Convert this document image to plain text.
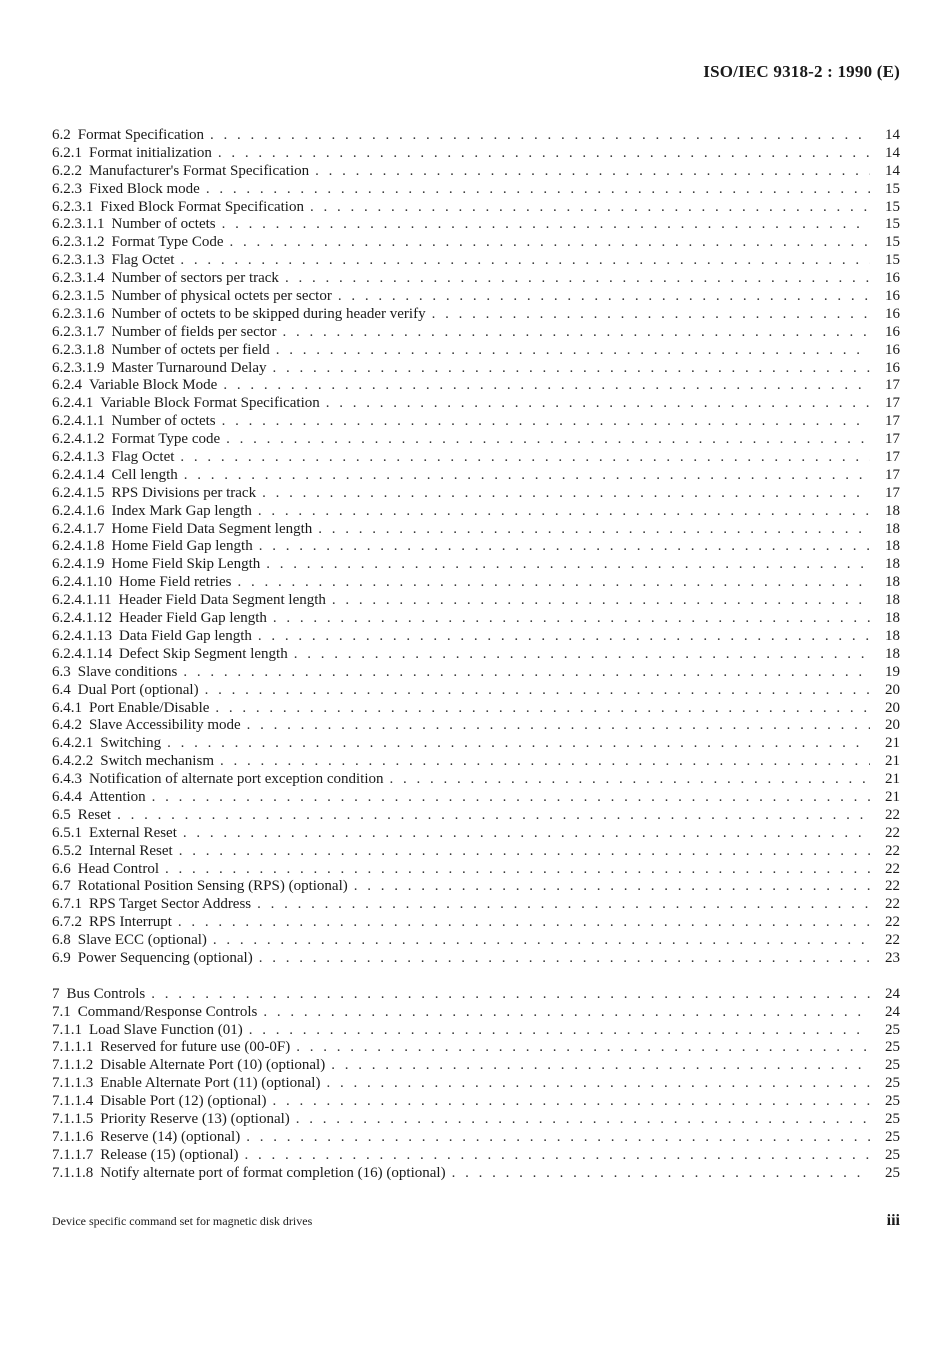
ISO/IEC 9318-2 : 1990 (E)
6.2 Format Specification . . .	14
6.2.1 Format initialization . . .	14
6.2.2 Manufacturer's Format Specification . . .	14
6.2.3 Fixed Block mode . . .	15
6.2.3.1 Fixed Block Format Specification . . .	15
6.2.3.1.1 Number of octets . . .	15
6.2.3.1.2 Format Type Code . . .	15
6.2.3.1.3 Flag Octet . . .	15
6.2.3.1.4 Number of sectors per track . . .	16
6.2.3.1.5 Number of physical octets per sector . . .	16
6.2.3.1.6 Number of octets to be skipped during header verify . . .	16
6.2.3.1.7 Number of fields per sector . . .	16
6.2.3.1.8 Number of octets per field . . .	16
6.2.3.1.9 Master Turnaround Delay . . .	16
6.2.4 Variable Block Mode . . .	17
6.2.4.1 Variable Block Format Specification . . .	17
6.2.4.1.1 Number of octets . . .	17
6.2.4.1.2 Format Type code . . .	17
6.2.4.1.3 Flag Octet . . .	17
6.2.4.1.4 Cell length . . .	17
6.2.4.1.5 RPS Divisions per track . . .	17
6.2.4.1.6 Index Mark Gap length . . .	18
6.2.4.1.7 Home Field Data Segment length . . .	18
6.2.4.1.8 Home Field Gap length . . .	18
6.2.4.1.9 Home Field Skip Length . . .	18
6.2.4.1.10 Home Field retries . . .	18
6.2.4.1.11 Header Field Data Segment length . . .	18
6.2.4.1.12 Header Field Gap length . . .	18
6.2.4.1.13 Data Field Gap length . . .	18
6.2.4.1.14 Defect Skip Segment length . . .	18
6.3 Slave conditions . . .	19
6.4 Dual Port (optional) . . .	20
6.4.1 Port Enable/Disable . . .	20
6.4.2 Slave Accessibility mode . . .	20
6.4.2.1 Switching . . .	21
6.4.2.2 Switch mechanism . . .	21
6.4.3 Notification of alternate port exception condition . . .	21
6.4.4 Attention . . .	21
6.5 Reset . . .	22
6.5.1 External Reset . . .	22
6.5.2 Internal Reset . . .	22
6.6 Head Control . . .	22
6.7 Rotational Position Sensing (RPS) (optional) . . .	22
6.7.1 RPS Target Sector Address . . .	22
6.7.2 RPS Interrupt . . .	22
6.8 Slave ECC (optional) . . .	22
6.9 Power Sequencing (optional) . . .	23
7 Bus Controls . . .	24
7.1 Command/Response Controls . . .	24
7.1.1 Load Slave Function (01) . . .	25
7.1.1.1 Reserved for future use (00-0F) . . .	25
7.1.1.2 Disable Alternate Port (10) (optional) . . .	25
7.1.1.3 Enable Alternate Port (11) (optional) . . .	25
7.1.1.4 Disable Port (12) (optional) . . .	25
7.1.1.5 Priority Reserve (13) (optional) . . .	25
7.1.1.6 Reserve (14) (optional) . . .	25
7.1.1.7 Release (15) (optional) . . .	25
7.1.1.8 Notify alternate port of format completion (16) (optional) . . .	25
Device specific command set for magnetic disk drives	iii
